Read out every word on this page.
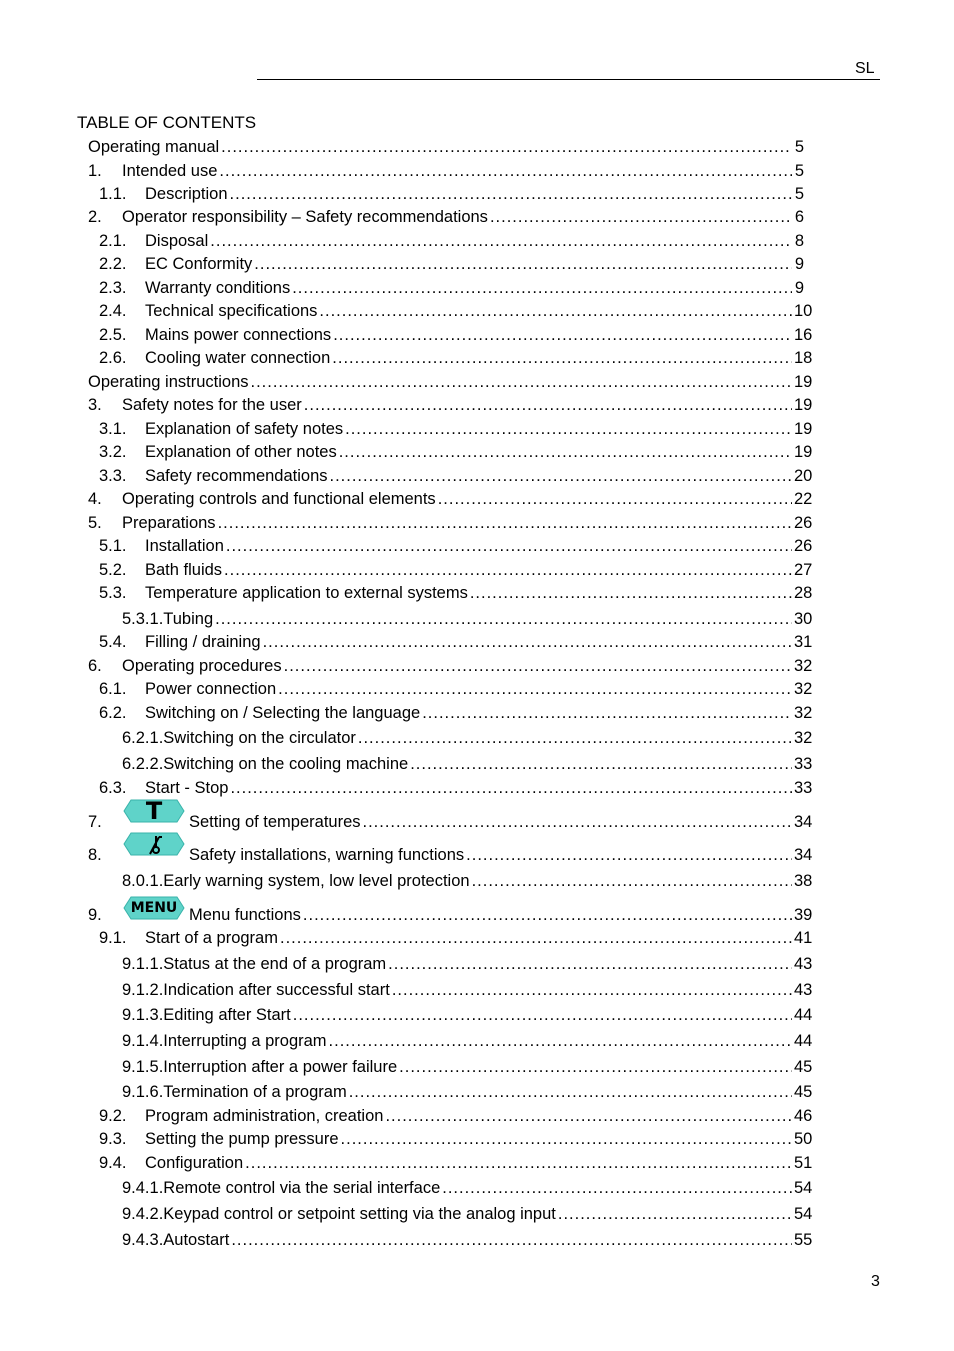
SL
TABLE OF CONTENTS
Operating manual .....	5
1. Intended use .....	5
1.1. Description .....	5
2. Operator responsibility – Safety recommendations .....	6
2.1. Disposal .....	8
2.2. EC Conformity .....	9
2.3. Warranty conditions .....	9
2.4. Technical specifications .....	10
2.5. Mains power connections .....	16
2.6. Cooling water connection .....	18
Operating instructions .....	19
3. Safety notes for the user .....	19
3.1. Explanation of safety notes .....	19
3.2. Explanation of other notes .....	19
3.3. Safety recommendations .....	20
4. Operating controls and functional elements .....	22
5. Preparations .....	26
5.1. Installation .....	26
5.2. Bath fluids .....	27
5.3. Temperature application to external systems .....	28
5.3.1.Tubing .....	30
5.4. Filling / draining .....	31
6. Operating procedures .....	32
6.1. Power connection .....	32
6.2. Switching on / Selecting the language .....	32
6.2.1.Switching on the circulator .....	32
6.2.2.Switching on the cooling machine .....	33
6.3. Start - Stop .....	33
7. T Setting of temperatures .....	34
8.	Safety installations, warning functions .....	34
8.0.1.Early warning system, low level protection .....	38
9. MENU Menu functions .....	39
9.1. Start of a program .....	41
9.1.1.Status at the end of a program .....	43
9.1.2.Indication after successful start .....	43
9.1.3.Editing after Start .....	44
9.1.4.Interrupting a program .....	44
9.1.5.Interruption after a power failure .....	45
9.1.6.Termination of a program .....	45
9.2. Program administration, creation .....	46
9.3. Setting the pump pressure .....	50
9.4. Configuration .....	51
9.4.1.Remote control via the serial interface .....	54
9.4.2.Keypad control or setpoint setting via the analog input .....	54
9.4.3.Autostart .....	55
3
